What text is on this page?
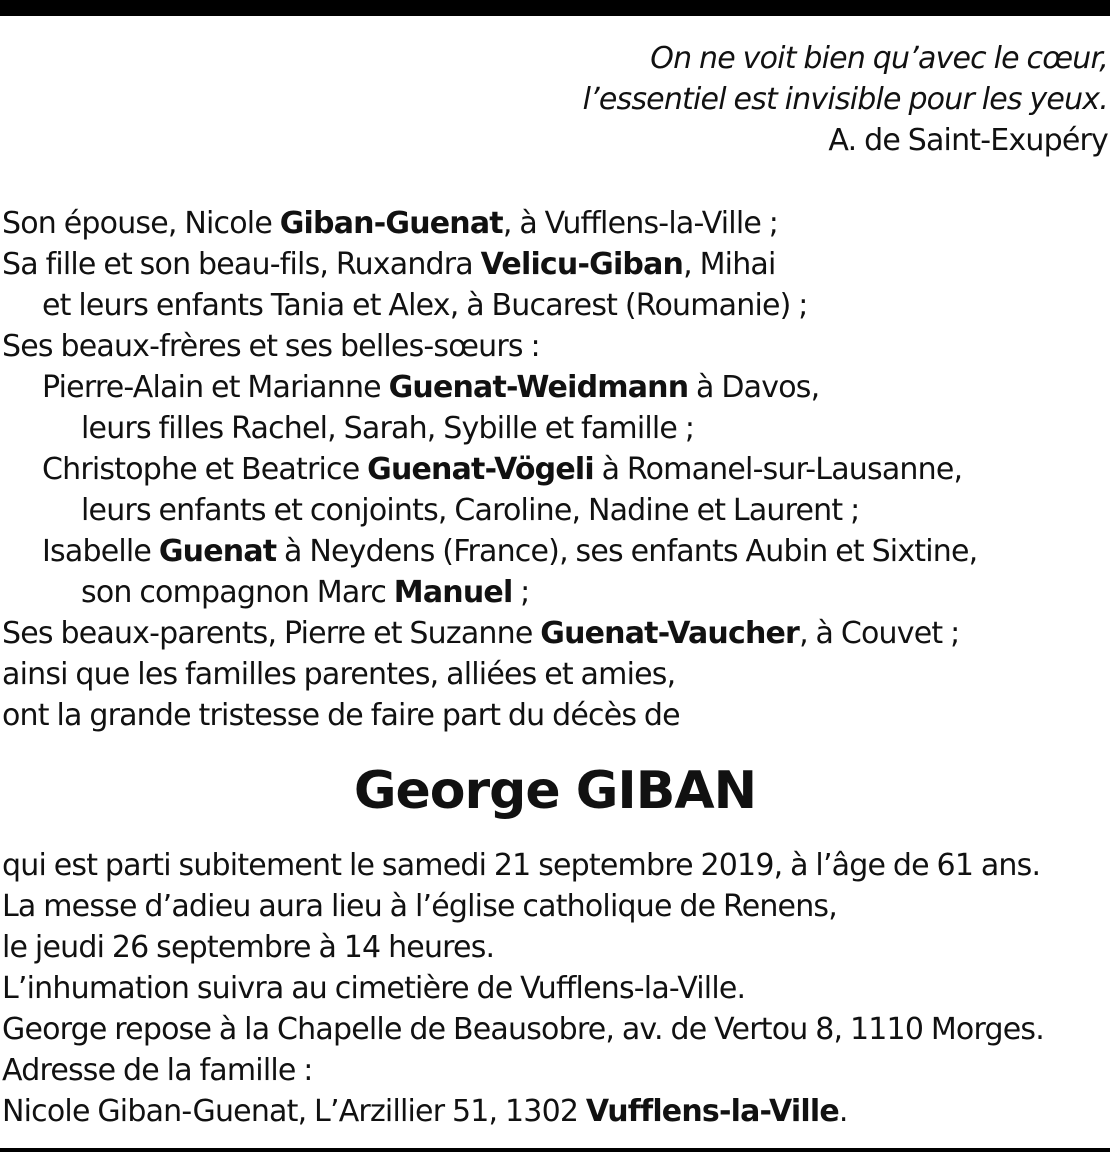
On ne voit bien qu’avec le cœur,
l’essentiel est invisible pour les yeux.
A. de Saint-Exupéry
Son épouse, Nicole Giban-Guenat, à Vufflens-la-Ville ;
Sa fille et son beau-fils, Ruxandra Velicu-Giban, Mihai
et leurs enfants Tania et Alex, à Bucarest (Roumanie) ;
Ses beaux-frères et ses belles-sœurs :
Pierre-Alain et Marianne Guenat-Weidmann à Davos,
leurs filles Rachel, Sarah, Sybille et famille ;
Christophe et Beatrice Guenat-Vögeli à Romanel-sur-Lausanne,
leurs enfants et conjoints, Caroline, Nadine et Laurent ;
Isabelle Guenat à Neydens (France), ses enfants Aubin et Sixtine,
son compagnon Marc Manuel ;
Ses beaux-parents, Pierre et Suzanne Guenat-Vaucher, à Couvet ;
ainsi que les familles parentes, alliées et amies,
ont la grande tristesse de faire part du décès de
George GIBAN
qui est parti subitement le samedi 21 septembre 2019, à l’âge de 61 ans.
La messe d’adieu aura lieu à l’église catholique de Renens,
le jeudi 26 septembre à 14 heures.
L’inhumation suivra au cimetière de Vufflens-la-Ville.
George repose à la Chapelle de Beausobre, av. de Vertou 8, 1110 Morges.
Adresse de la famille :
Nicole Giban-Guenat, L’Arzillier 51, 1302 Vufflens-la-Ville.
